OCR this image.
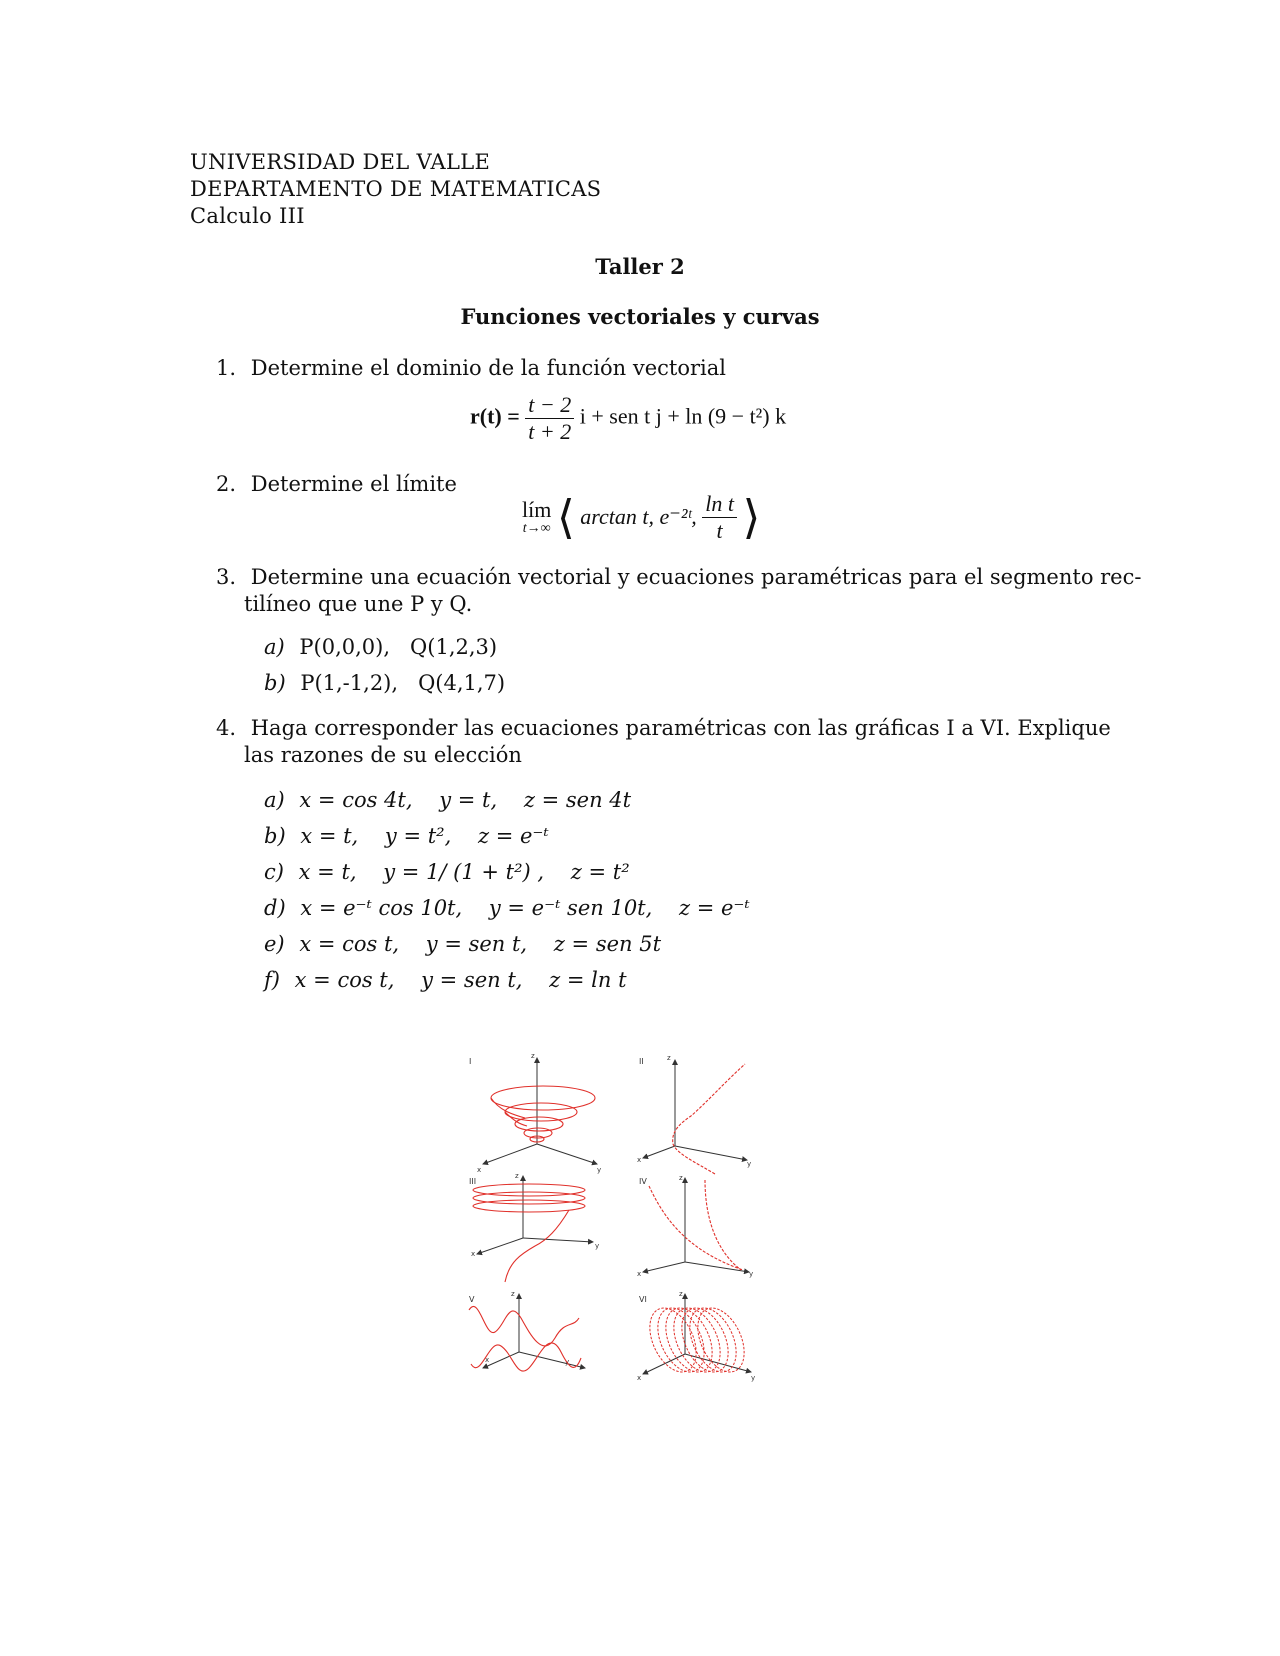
UNIVERSIDAD DEL VALLE
DEPARTAMENTO DE MATEMATICAS
Calculo III
Taller 2
Funciones vectoriales y curvas
1. Determine el dominio de la función vectorial
$r(t) = \frac{t - 2}{t + 2}$ i + sen t j + ln (9 − t²) k
2. Determine el límite
lím
t→∞ ⟨ arctan t, e⁻²ᵗ, $\frac{\text{ln t}}{t}$ ⟩
3. Determine una ecuación vectorial y ecuaciones paramétricas para el segmento rec-
tilíneo que une P y Q.
a) P(0,0,0),   Q(1,2,3)
b) P(1,-1,2),   Q(4,1,7)
4. Haga corresponder las ecuaciones paramétricas con las gráficas I a VI. Explique
las razones de su elección
a) x = cos 4t,    y = t,    z = sen 4t
b) x = t,    y = t²,    z = e⁻ᵗ
c) x = t,    y = 1/ (1 + t²) ,    z = t²
d) x = e⁻ᵗ cos 10t,    y = e⁻ᵗ sen 10t,    z = e⁻ᵗ
e) x = cos t,    y = sen t,    z = sen 5t
f) x = cos t,    y = sen t,    z = ln t
I
z
x	y
II	z
x	y
III
z
x
y
IV	z
x	y
V
z
x	y
VI
z
x	y
